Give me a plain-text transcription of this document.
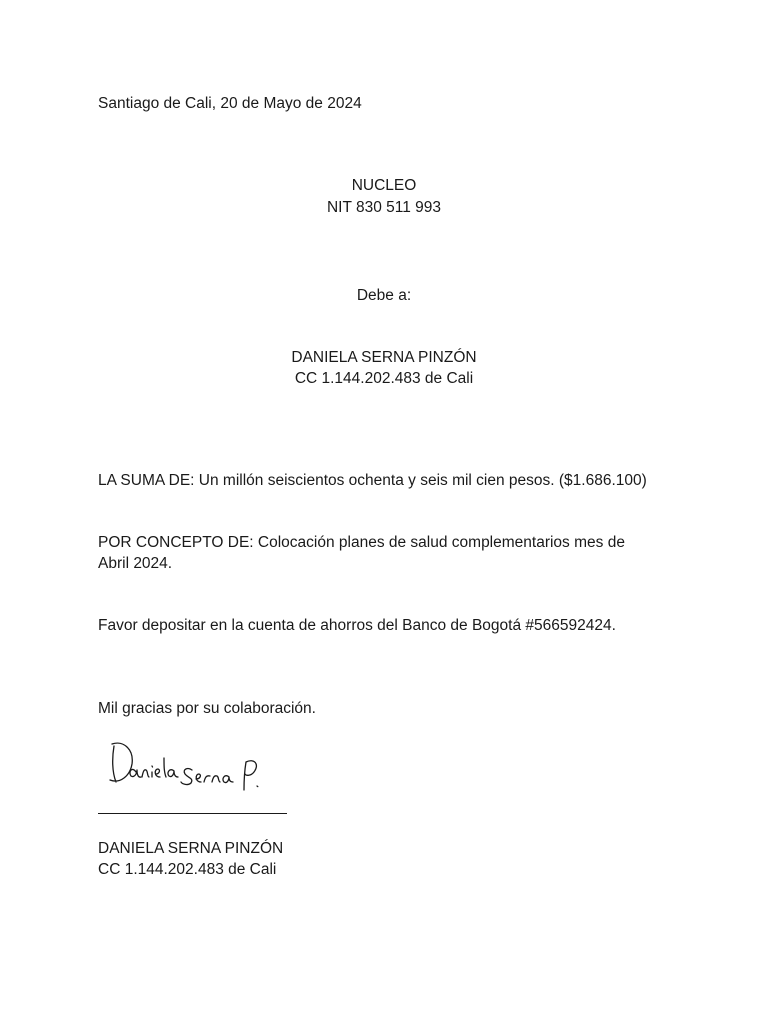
Santiago de Cali, 20 de Mayo de 2024
NUCLEO
NIT 830 511 993
Debe a:
DANIELA SERNA PINZÓN
CC 1.144.202.483 de Cali
LA SUMA DE: Un millón seiscientos ochenta y seis mil cien pesos. ($1.686.100)
POR CONCEPTO DE: Colocación planes de salud complementarios mes de Abril 2024.
Favor depositar en la cuenta de ahorros del Banco de Bogotá #566592424.
Mil gracias por su colaboración.
DANIELA SERNA PINZÓN
CC 1.144.202.483 de Cali
